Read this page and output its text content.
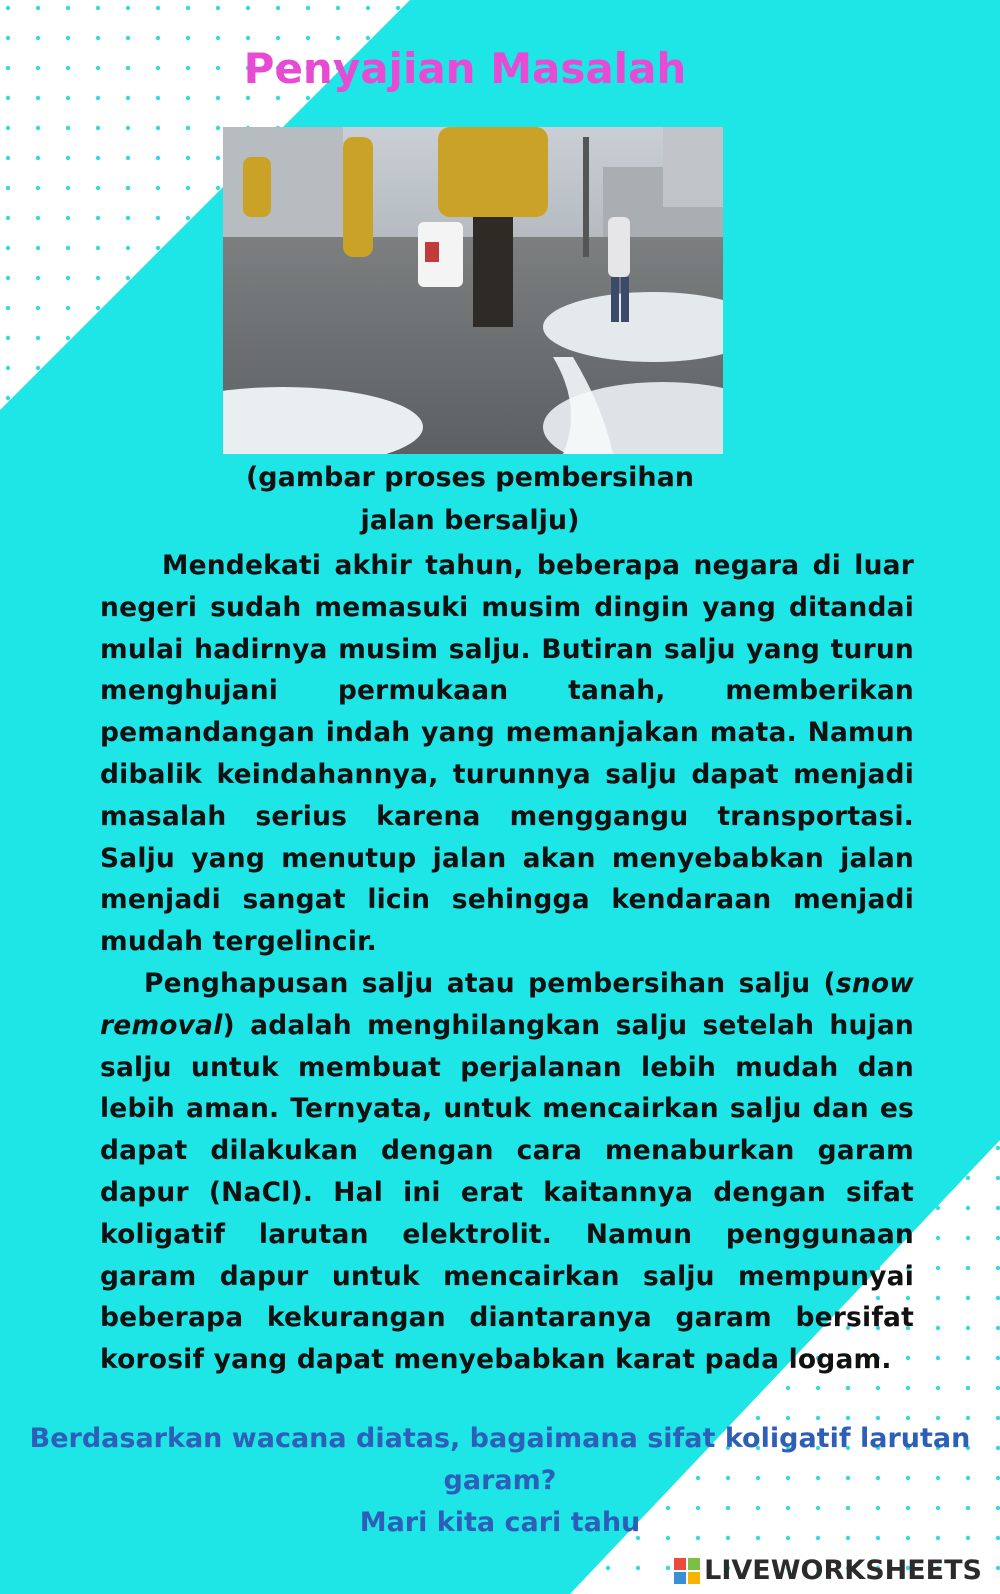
Penyajian Masalah
(gambar proses pembersihan
jalan bersalju)

Mendekati akhir tahun, beberapa negara di luar negeri sudah memasuki musim dingin yang ditandai mulai hadirnya musim salju. Butiran salju yang turun menghujani permukaan tanah, memberikan pemandangan indah yang memanjakan mata. Namun dibalik keindahannya, turunnya salju dapat menjadi masalah serius karena menggangu transportasi. Salju yang menutup jalan akan menyebabkan jalan menjadi sangat licin sehingga kendaraan menjadi mudah tergelincir.

Penghapusan salju atau pembersihan salju (snow removal) adalah menghilangkan salju setelah hujan salju untuk membuat perjalanan lebih mudah dan lebih aman. Ternyata, untuk mencairkan salju dan es dapat dilakukan dengan cara menaburkan garam dapur (NaCl). Hal ini erat kaitannya dengan sifat koligatif larutan elektrolit. Namun penggunaan garam dapur untuk mencairkan salju mempunyai beberapa kekurangan diantaranya garam bersifat korosif yang dapat menyebabkan karat pada logam.

Berdasarkan wacana diatas, bagaimana sifat koligatif larutan
garam?
Mari kita cari tahu
LIVEWORKSHEETS
